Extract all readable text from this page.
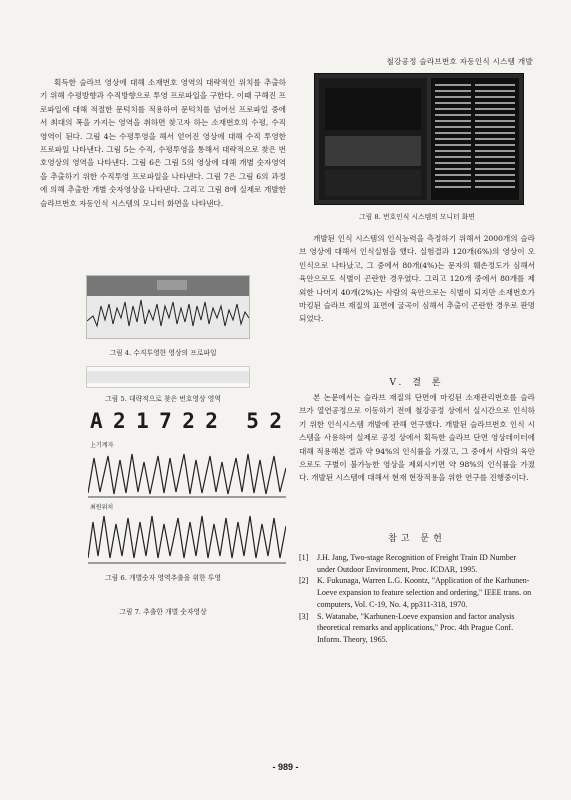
철강공정 슬라브번호 자동인식 시스템 개발

획득한 슬라브 영상에 대해 소재번호 영역의 대략적인 위치를 추출하기 위해 수평방향과 수직방향으로 투영 프로파일을 구한다. 이때 구해진 프로파일에 대해 적절한 문턱치를 적용하여 문턱치를 넘어선 프로파일 중에서 최대의 폭을 가지는 영역을 취하면 찾고자 하는 소재번호의 수평, 수직 영역이 된다. 그림 4는 수평투영을 해서 얻어진 영상에 대해 수직 투영한 프로파일 나타낸다. 그림 5는 수직, 수평투영을 통해서 대략적으로 찾은 번호영상의 영역을 나타낸다. 그림 6은 그림 5의 영상에 대해 개별 숫자영역을 추출하기 위한 수직투영 프로파일을 나타낸다. 그림 7은 그림 6의 과정에 의해 추출한 개별 숫자영상을 나타낸다. 그리고 그림 8에 실제로 개발한 슬라브번호 자동인식 시스템의 모니터 화면을 나타낸다.

그림 4. 수직투영한 영상의 프로파일
그림 5. 대략적으로 찾은 번호영상 영역
A 2 1 7 2 2 5 2
上기계자
최원위치
그림 6. 개별숫자 영역추출을 위한 투영
그림 7. 추출한 개별 숫자영상
그림 8. 번호인식 시스템의 모니터 화면

개발된 인식 시스템의 인식능력을 측정하기 위해서 2000개의 슬라브 영상에 대해서 인식실험을 했다. 실험결과 120개(6%)의 영상이 오 인식으로 나타났고, 그 중에서 80개(4%)는 문자의 훼손정도가 심해서 육안으로도 식별이 곤란한 경우였다. 그리고 120개 중에서 80개를 제외한 나머지 40개(2%)는 사람의 육안으로는 식별이 되지만 소재번호가 마킹된 슬라브 재질의 표면에 굴곡이 심해서 추출이 곤란한 경우로 판명되었다.

V. 결 론

본 논문에서는 슬라브 재질의 단면에 마킹된 소재관리번호를 슬라브가 열연공정으로 이동하기 전에 철강공정 상에서 실시간으로 인식하기 위한 인식시스템 개발에 관해 연구했다. 개발된 슬라브번호 인식 시스템을 사용하여 실제로 공정 상에서 획득한 슬라브 단면 영상데이터에 대해 적용해본 결과 약 94%의 인식률을 가졌고, 그 중에서 사람의 육안으로도 구별이 불가능한 영상을 제외시키면 약 98%의 인식률을 가졌다. 개발된 시스템에 대해서 현재 현장적용을 위한 연구를 진행중이다.

참고 문헌

[1]	J.H. Jang, Two-stage Recognition of Freight Train ID Number under Outdoor Environment, Proc. ICDAR, 1995.

[2]	K. Fukunaga, Warren L.G. Koontz, "Application of the Karhunen-Loeve expansion to feature selection and ordering," IEEE trans. on computers, Vol. C-19, No. 4, pp311-318, 1970.

[3]	S. Watanabe, "Karhunen-Loeve expansion and factor analysis theoretical remarks and applications," Proc. 4th Prague Conf. Inform. Theory, 1965.

- 989 -
